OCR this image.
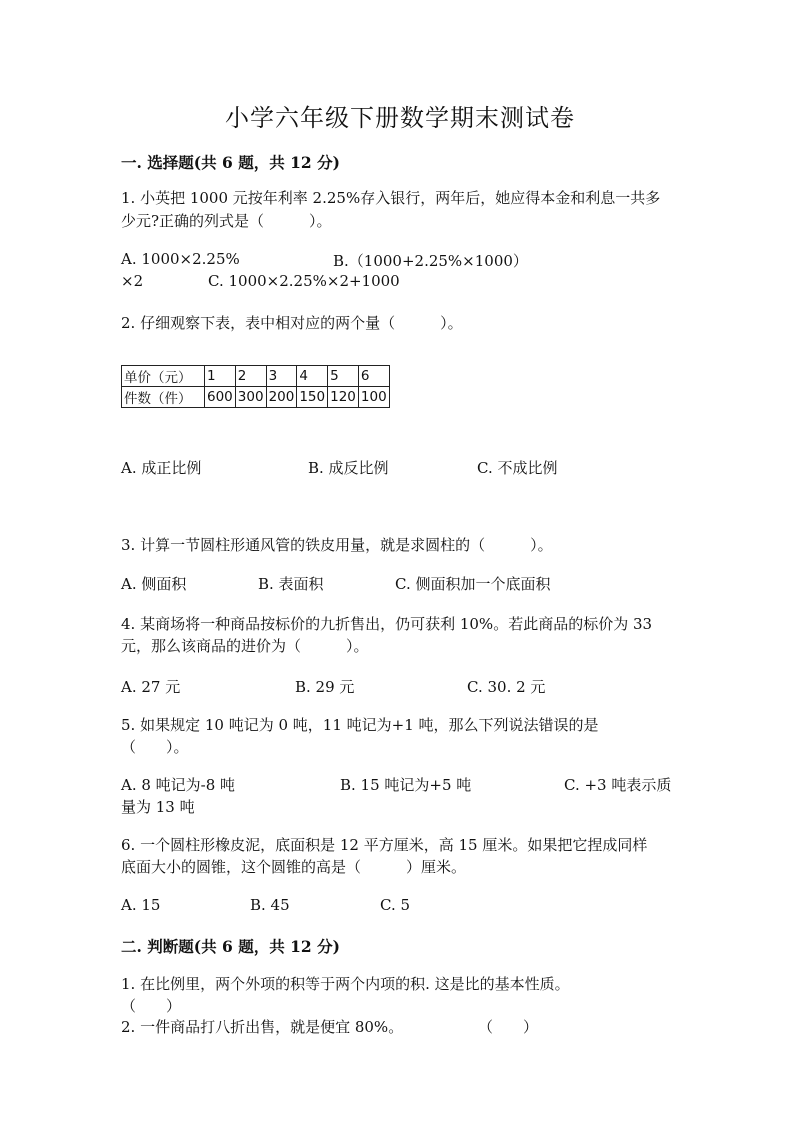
小学六年级下册数学期末测试卷
一. 选择题(共 6 题，共 12 分)
1. 小英把 1000 元按年利率 2.25%存入银行，两年后，她应得本金和利息一共多
少元?正确的列式是（　　　）。
A. 1000×2.25%	B.（1000+2.25%×1000）
×2	C. 1000×2.25%×2+1000
2. 仔细观察下表，表中相对应的两个量（　　　）。
单价（元）	1	2	3	4	5	6
件数（件）	600	300	200	150	120	100
A. 成正比例	B. 成反比例	C. 不成比例
3. 计算一节圆柱形通风管的铁皮用量，就是求圆柱的（　　　）。
A. 侧面积	B. 表面积	C. 侧面积加一个底面积
4. 某商场将一种商品按标价的九折售出，仍可获利 10%。若此商品的标价为 33
元，那么该商品的进价为（　　　）。
A. 27 元	B. 29 元	C. 30. 2 元
5. 如果规定 10 吨记为 0 吨，11 吨记为+1 吨，那么下列说法错误的是
（　　）。
A. 8 吨记为-8 吨	B. 15 吨记为+5 吨	C. +3 吨表示质
量为 13 吨
6. 一个圆柱形橡皮泥，底面积是 12 平方厘米，高 15 厘米。如果把它捏成同样
底面大小的圆锥，这个圆锥的高是（　　　）厘米。
A. 15	B. 45	C. 5
二. 判断题(共 6 题，共 12 分)
1. 在比例里，两个外项的积等于两个内项的积. 这是比的基本性质。
（　　）
2. 一件商品打八折出售，就是便宜 80%。	（　　）
